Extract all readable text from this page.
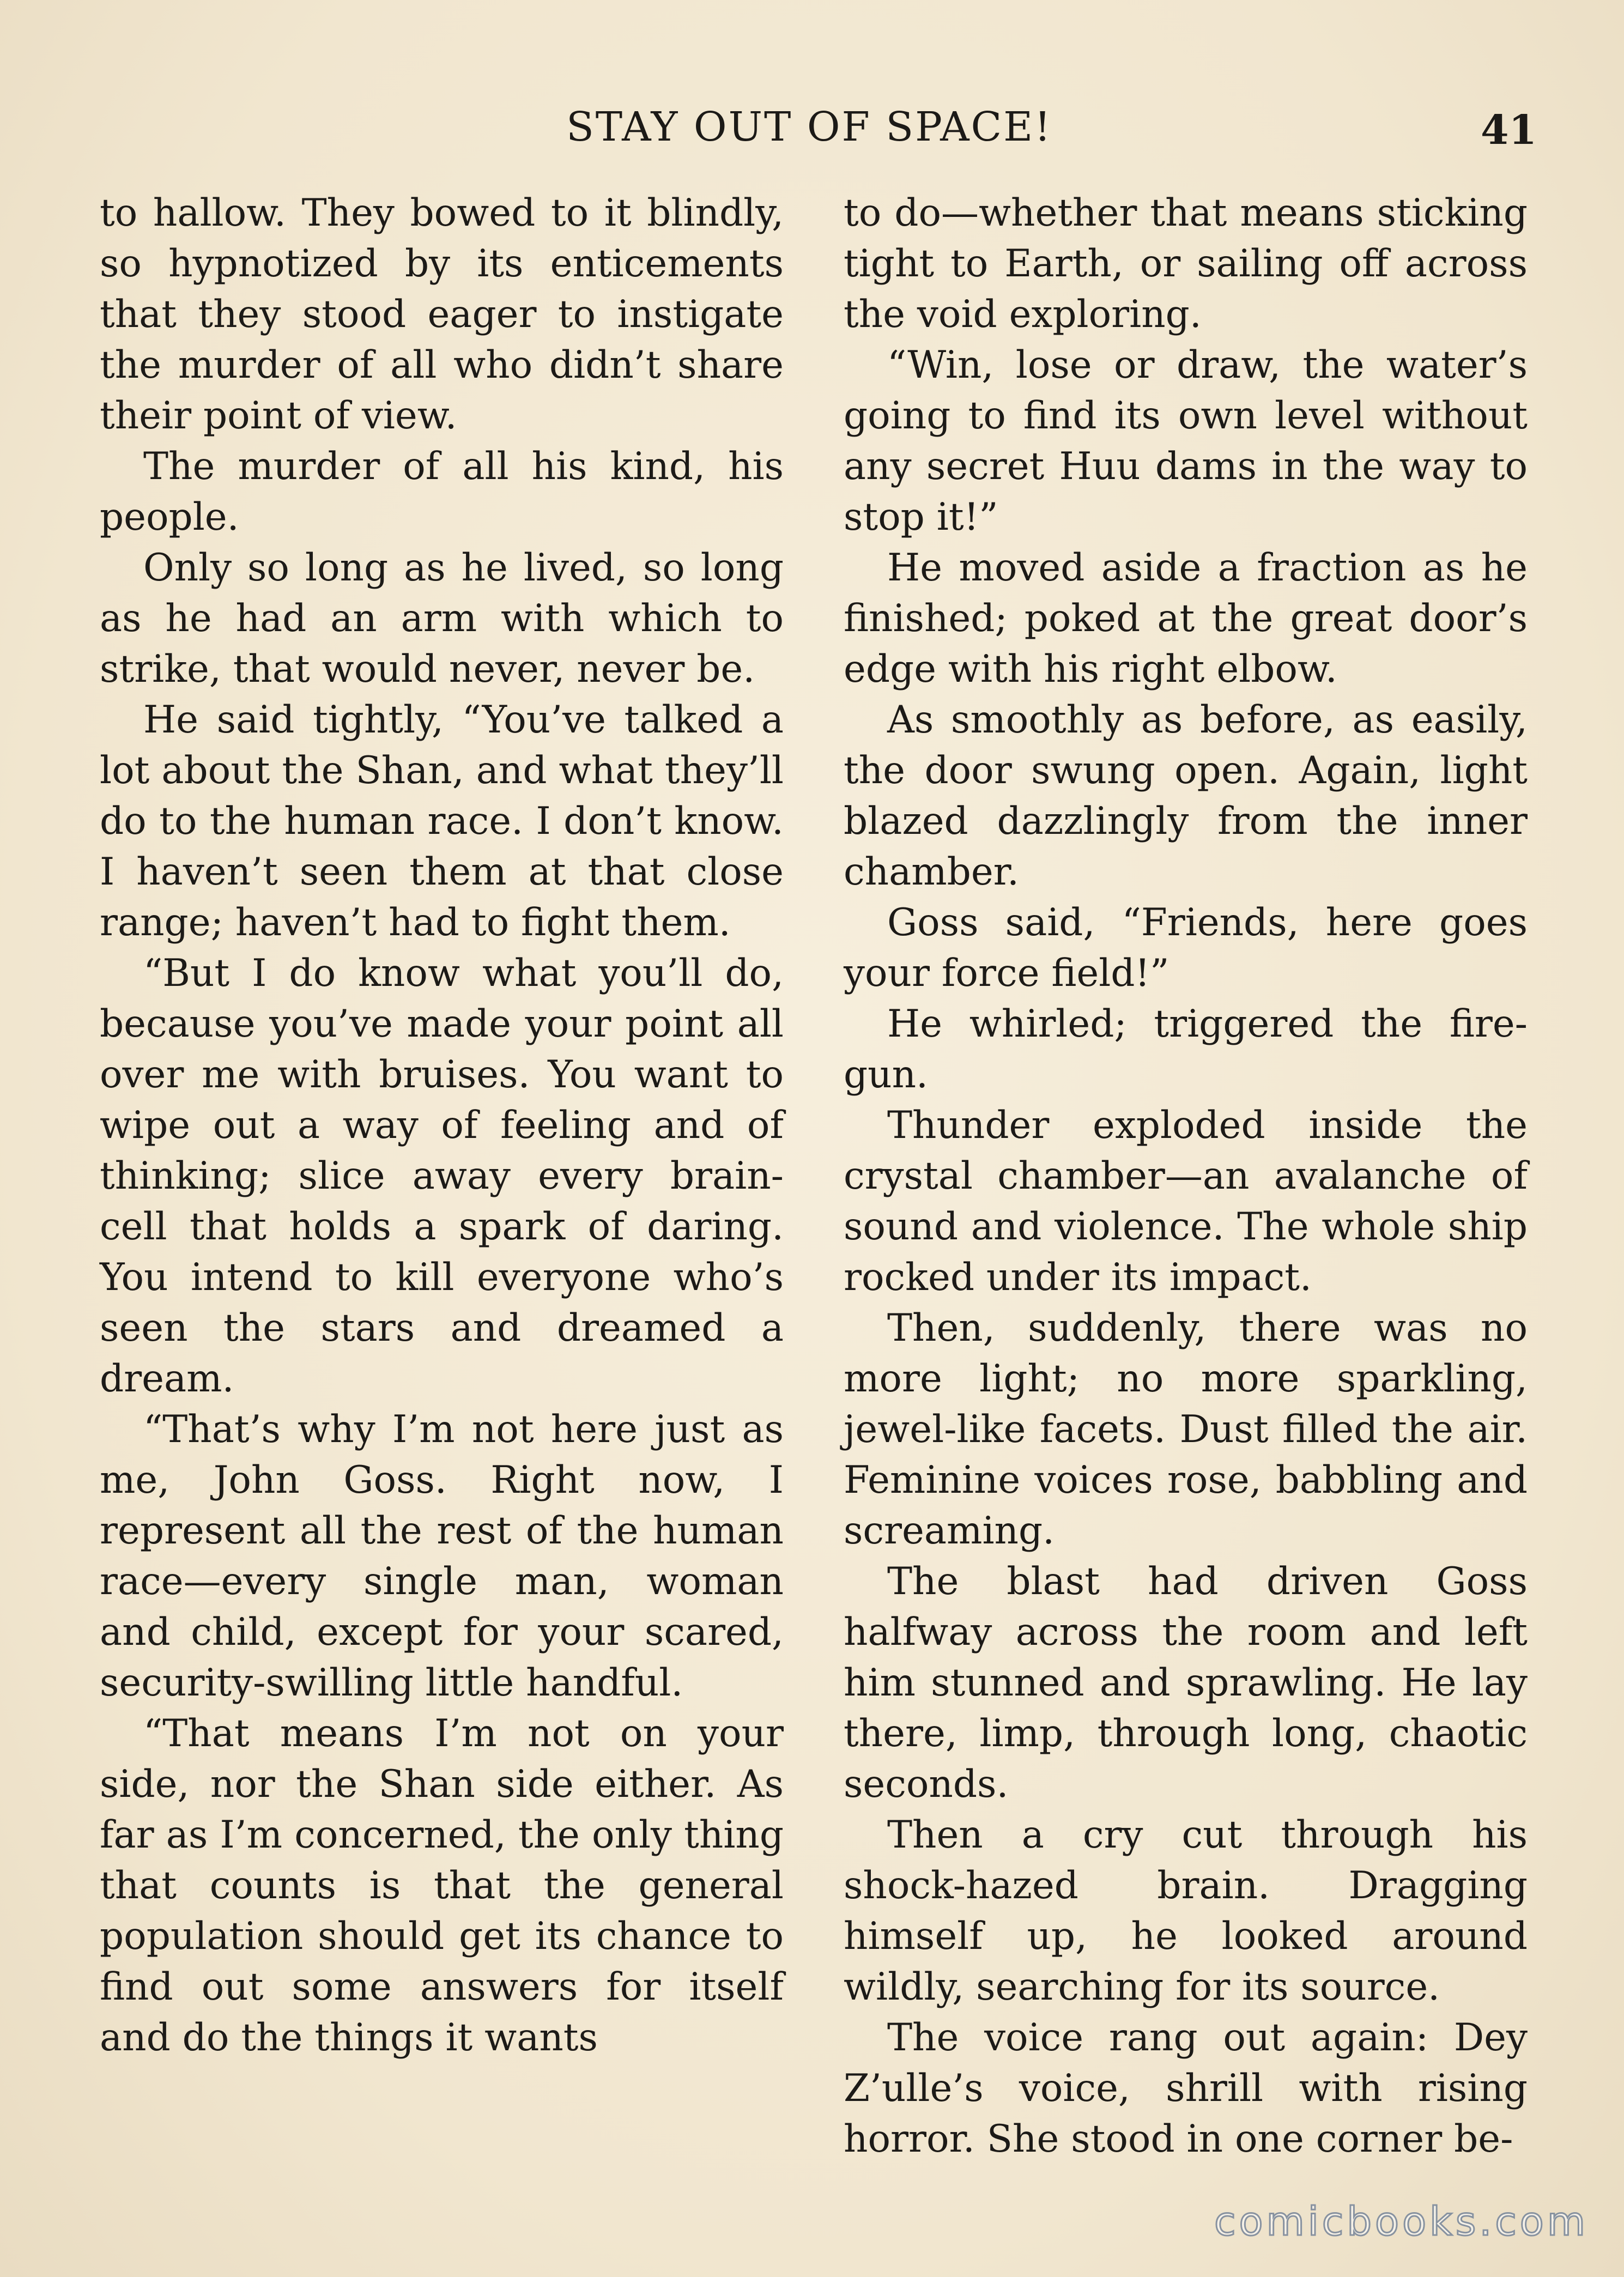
STAY OUT OF SPACE!	41

to hallow. They bowed to it blindly, so hypnotized by its enticements that they stood eager to instigate the murder of all who didn’t share their point of view.

The murder of all his kind, his people.

Only so long as he lived, so long as he had an arm with which to strike, that would never, never be.

He said tightly, “You’ve talked a lot about the Shan, and what they’ll do to the human race. I don’t know. I haven’t seen them at that close range; haven’t had to fight them.

“But I do know what you’ll do, because you’ve made your point all over me with bruises. You want to wipe out a way of feeling and of thinking; slice away every brain-cell that holds a spark of daring. You intend to kill everyone who’s seen the stars and dreamed a dream.

“That’s why I’m not here just as me, John Goss. Right now, I represent all the rest of the human race—every single man, woman and child, except for your scared, security-swilling little handful.

“That means I’m not on your side, nor the Shan side either. As far as I’m concerned, the only thing that counts is that the general population should get its chance to find out some answers for itself and do the things it wants

to do—whether that means sticking tight to Earth, or sailing off across the void exploring.

“Win, lose or draw, the water’s going to find its own level without any secret Huu dams in the way to stop it!”

He moved aside a fraction as he finished; poked at the great door’s edge with his right elbow.

As smoothly as before, as easily, the door swung open. Again, light blazed dazzlingly from the inner chamber.

Goss said, “Friends, here goes your force field!”

He whirled; triggered the fire-gun.

Thunder exploded inside the crystal chamber—an avalanche of sound and violence. The whole ship rocked under its impact.

Then, suddenly, there was no more light; no more sparkling, jewel-like facets. Dust filled the air. Feminine voices rose, babbling and screaming.

The blast had driven Goss halfway across the room and left him stunned and sprawling. He lay there, limp, through long, chaotic seconds.

Then a cry cut through his shock-hazed brain. Dragging himself up, he looked around wildly, searching for its source.

The voice rang out again: Dey Z’ulle’s voice, shrill with rising horror. She stood in one corner be-

comicbooks.com
